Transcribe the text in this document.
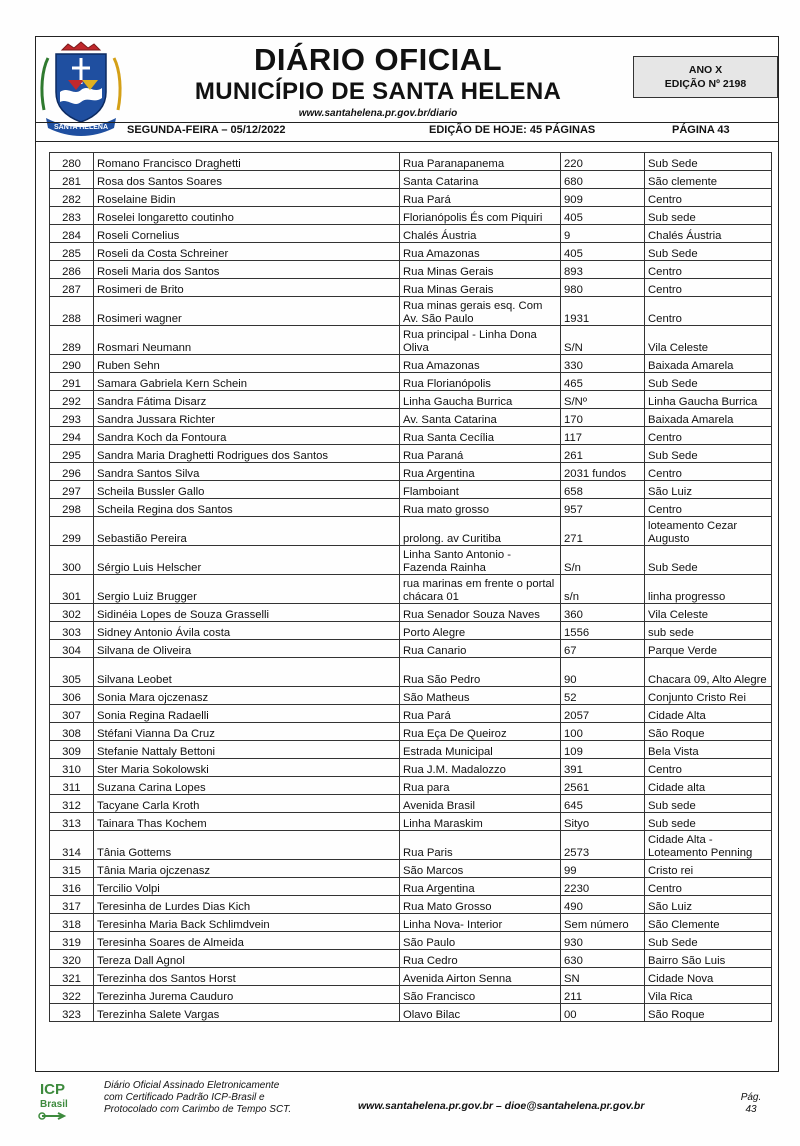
SANTA HELENA
DIÁRIO OFICIAL
MUNICÍPIO DE SANTA HELENA
www.santahelena.pr.gov.br/diario
ANO X
EDIÇÃO Nº 2198
SEGUNDA-FEIRA – 05/12/2022	EDIÇÃO DE HOJE: 45 PÁGINAS	PÁGINA 43
280	Romano Francisco Draghetti	Rua Paranapanema	220	Sub Sede
281	Rosa dos Santos Soares	Santa Catarina	680	São clemente
282	Roselaine Bidin	Rua Pará	909	Centro
283	Roselei longaretto coutinho	Florianópolis És com Piquiri	405	Sub sede
284	Roseli Cornelius	Chalés Áustria	9	Chalés Áustria
285	Roseli da Costa Schreiner	Rua Amazonas	405	Sub Sede
286	Roseli Maria dos Santos	Rua Minas Gerais	893	Centro
287	Rosimeri de Brito	Rua Minas Gerais	980	Centro
288	Rosimeri wagner	Rua minas gerais esq. Com Av. São Paulo	1931	Centro
289	Rosmari Neumann	Rua principal - Linha Dona Oliva	S/N	Vila Celeste
290	Ruben Sehn	Rua Amazonas	330	Baixada Amarela
291	Samara Gabriela Kern Schein	Rua Florianópolis	465	Sub Sede
292	Sandra Fátima Disarz	Linha Gaucha Burrica	S/Nº	Linha Gaucha Burrica
293	Sandra Jussara Richter	Av. Santa Catarina	170	Baixada Amarela
294	Sandra Koch da Fontoura	Rua Santa Cecília	117	Centro
295	Sandra Maria Draghetti Rodrigues dos Santos	Rua Paraná	261	Sub Sede
296	Sandra Santos Silva	Rua Argentina	2031 fundos	Centro
297	Scheila Bussler Gallo	Flamboiant	658	São Luiz
298	Scheila Regina dos Santos	Rua mato grosso	957	Centro
299	Sebastião Pereira	prolong. av Curitiba	271	loteamento Cezar Augusto
300	Sérgio Luis Helscher	Linha Santo Antonio - Fazenda Rainha	S/n	Sub Sede
301	Sergio Luiz Brugger	rua marinas em frente o portal chácara 01	s/n	linha progresso
302	Sidinéia Lopes de Souza Grasselli	Rua Senador Souza Naves	360	Vila Celeste
303	Sidney Antonio Ávila costa	Porto Alegre	1556	sub sede
304	Silvana de Oliveira	Rua Canario	67	Parque Verde
305	Silvana Leobet	Rua São Pedro	90	Chacara 09, Alto Alegre
306	Sonia Mara ojczenasz	São Matheus	52	Conjunto Cristo Rei
307	Sonia Regina Radaelli	Rua Pará	2057	Cidade Alta
308	Stéfani Vianna Da Cruz	Rua Eça De Queiroz	100	São Roque
309	Stefanie Nattaly Bettoni	Estrada Municipal	109	Bela Vista
310	Ster Maria Sokolowski	Rua J.M. Madalozzo	391	Centro
311	Suzana Carina Lopes	Rua para	2561	Cidade alta
312	Tacyane Carla Kroth	Avenida Brasil	645	Sub sede
313	Tainara Thas Kochem	Linha Maraskim	Sityo	Sub sede
314	Tânia Gottems	Rua Paris	2573	Cidade Alta - Loteamento Penning
315	Tânia Maria ojczenasz	São Marcos	99	Cristo rei
316	Tercilio Volpi	Rua Argentina	2230	Centro
317	Teresinha de Lurdes Dias Kich	Rua Mato Grosso	490	São Luiz
318	Teresinha Maria Back Schlimdvein	Linha Nova- Interior	Sem número	São Clemente
319	Teresinha Soares de Almeida	São Paulo	930	Sub Sede
320	Tereza Dall Agnol	Rua Cedro	630	Bairro São Luis
321	Terezinha dos Santos Horst	Avenida Airton Senna	SN	Cidade Nova
322	Terezinha Jurema Cauduro	São Francisco	211	Vila Rica
323	Terezinha Salete Vargas	Olavo Bilac	00	São Roque
ICP
Brasil
Diário Oficial Assinado Eletronicamente
com Certificado Padrão ICP-Brasil e
Protocolado com Carimbo de Tempo SCT.	www.santahelena.pr.gov.br – dioe@santahelena.pr.gov.br
Pág.
43
